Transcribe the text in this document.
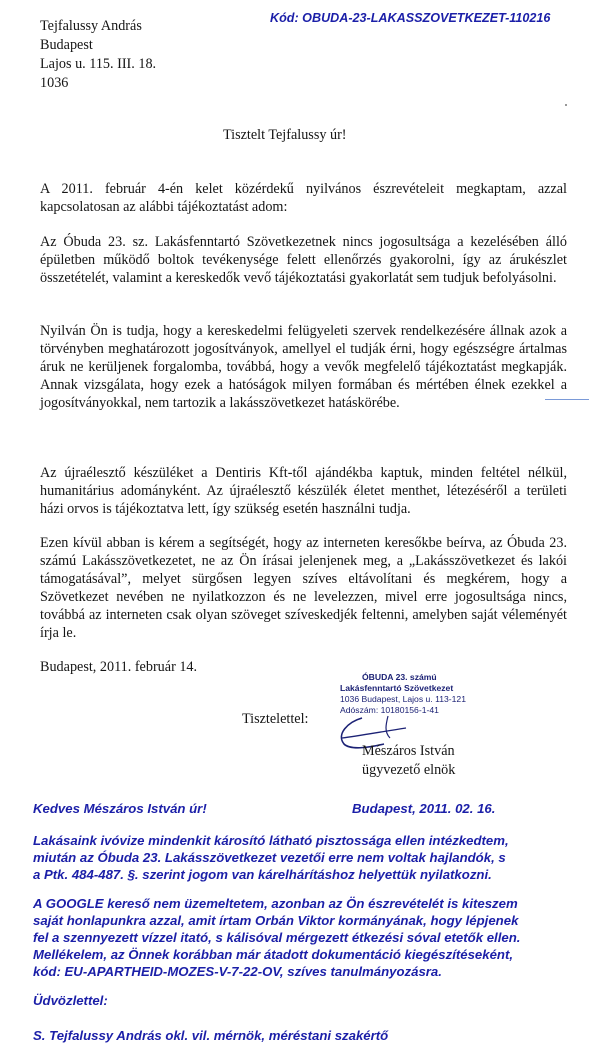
Kód: OBUDA-23-LAKASSZOVETKEZET-110216
Tejfalussy András
Budapest
Lajos u. 115. III. 18.
1036
Tisztelt Tejfalussy úr!
A 2011. február 4-én kelet közérdekű nyilvános észrevételeit megkaptam, azzal kapcsolatosan az alábbi tájékoztatást adom:
Az Óbuda 23. sz. Lakásfenntartó Szövetkezetnek nincs jogosultsága a kezelésében álló épületben működő boltok tevékenysége felett ellenőrzés gyakorolni, így az árukészlet összetételét, valamint a kereskedők vevő tájékoztatási gyakorlatát sem tudjuk befolyásolni.
Nyilván Ön is tudja, hogy a kereskedelmi felügyeleti szervek rendelkezésére állnak azok a törvényben meghatározott jogosítványok, amellyel el tudják érni, hogy egészségre ártalmas áruk ne kerüljenek forgalomba, továbbá, hogy a vevők megfelelő tájékoztatást megkapják. Annak vizsgálata, hogy ezek a hatóságok milyen formában és mértében élnek ezekkel a jogosítványokkal, nem tartozik a lakásszövetkezet hatáskörébe.
Az újraélesztő készüléket a Dentiris Kft-től ajándékba kaptuk, minden feltétel nélkül, humanitárius adományként. Az újraélesztő készülék életet menthet, létezéséről a területi házi orvos is tájékoztatva lett, így szükség esetén használni tudja.
Ezen kívül abban is kérem a segítségét, hogy az interneten keresőkbe beírva, az Óbuda 23. számú Lakásszövetkezetet, ne az Ön írásai jelenjenek meg, a „Lakásszövetkezet és lakói támogatásával”, melyet sürgősen legyen szíves eltávolítani és megkérem, hogy a Szövetkezet nevében ne nyilatkozzon és ne levelezzen, mivel erre jogosultsága nincs, továbbá az interneten csak olyan szöveget szíveskedjék feltenni, amelyben saját véleményét írja le.
Budapest, 2011. február 14.
Tisztelettel:
ÓBUDA 23. számú
Lakásfenntartó Szövetkezet
1036 Budapest, Lajos u. 113-121
Adószám: 10180156-1-41
Mészáros István
ügyvezető elnök
Kedves Mészáros István úr!	Budapest, 2011. 02. 16.
Lakásaink ivóvize mindenkit károsító látható pisztossága ellen intézkedtem,
miután az Óbuda 23. Lakásszövetkezet vezetői erre nem voltak hajlandók, s
a Ptk. 484-487. §. szerint jogom van kárelhárításhoz helyettük nyilatkozni.
A GOOGLE kereső nem üzemeltetem, azonban az Ön észrevételét is kiteszem
saját honlapunkra azzal, amit írtam Orbán Viktor kormányának, hogy lépjenek
fel a szennyezett vízzel itató, s kálisóval mérgezett étkezési sóval etetők ellen.
Mellékelem, az Önnek korábban már átadott dokumentáció kiegészítéseként,
kód: EU-APARTHEID-MOZES-V-7-22-OV, szíves tanulmányozásra.
Üdvözlettel:
S. Tejfalussy András okl. vil. mérnök, méréstani szakértő
